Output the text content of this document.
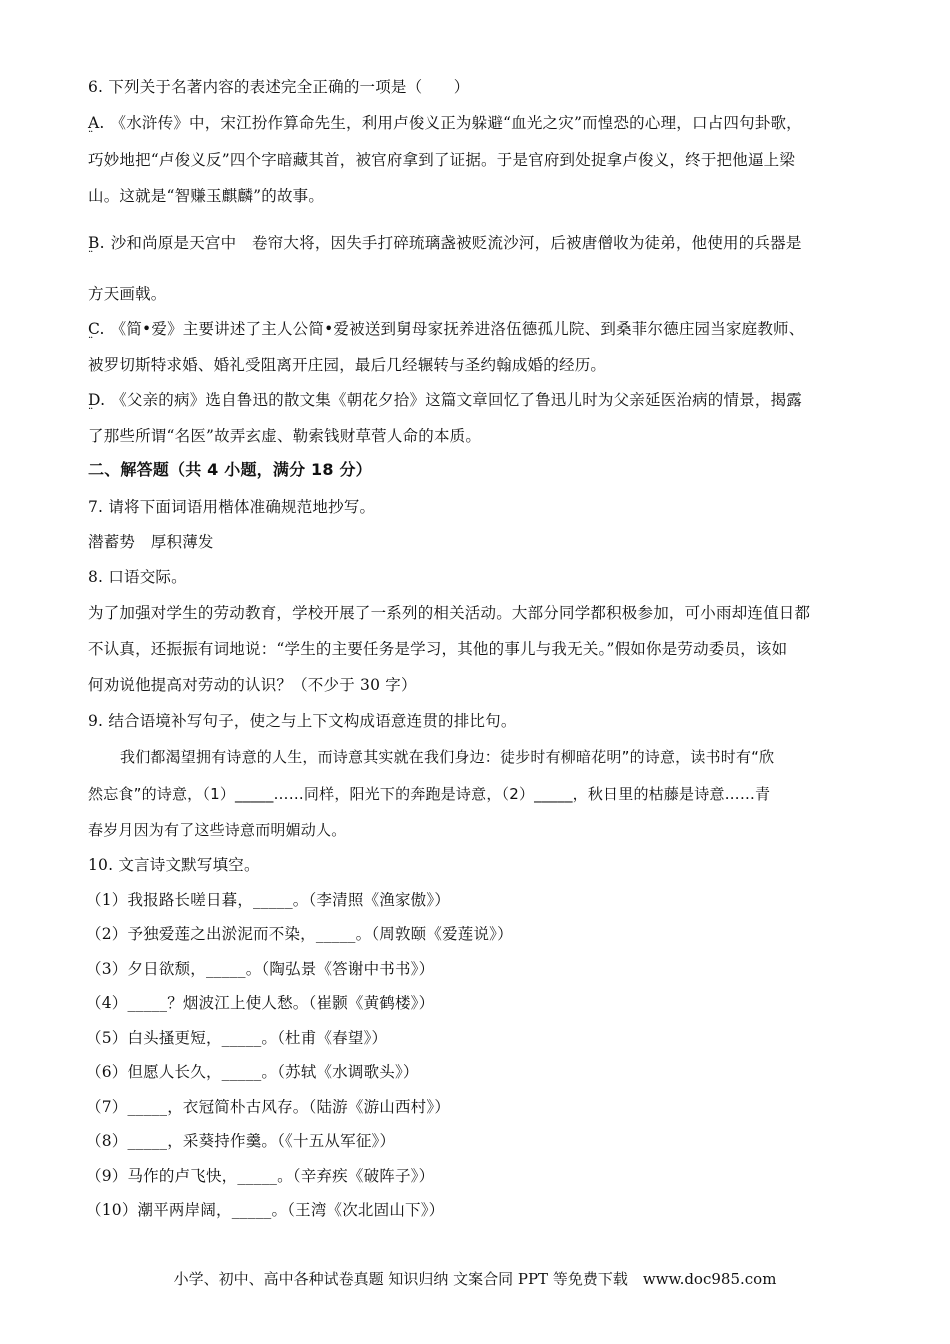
6. 下列关于名著内容的表述完全正确的一项是（　　）
A. ·· 《水浒传》中，宋江扮作算命先生，利用卢俊义正为躲避“血光之灾”而惶恐的心理，口占四句卦歌，
巧妙地把“卢俊义反”四个字暗藏其首，被官府拿到了证据。于是官府到处捉拿卢俊义，终于把他逼上梁
山。这就是“智赚玉麒麟”的故事。
B. ·· 沙和尚原是天宫中　卷帘大将，因失手打碎琉璃盏被贬流沙河，后被唐僧收为徒弟，他使用的兵器是
方天画戟。
C. ·· 《简•爱》主要讲述了主人公简•爱被送到舅母家抚养进洛伍德孤儿院、到桑菲尔德庄园当家庭教师、
被罗切斯特求婚、婚礼受阻离开庄园，最后几经辗转与圣约翰成婚的经历。
D. ·· 《父亲的病》选自鲁迅的散文集《朝花夕拾》这篇文章回忆了鲁迅儿时为父亲延医治病的情景，揭露
了那些所谓“名医”故弄玄虚、勒索钱财草菅人命的本质。
二、解答题（共 4 小题，满分 18 分）
7. 请将下面词语用楷体准确规范地抄写。
潜蓄势　厚积薄发
8. 口语交际。
为了加强对学生的劳动教育，学校开展了一系列的相关活动。大部分同学都积极参加，可小雨却连值日都
不认真，还振振有词地说：“学生的主要任务是学习，其他的事儿与我无关。”假如你是劳动委员，该如
何劝说他提高对劳动的认识？（不少于 30 字）
9. 结合语境补写句子，使之与上下文构成语意连贯的排比句。
我们都渴望拥有诗意的人生，而诗意其实就在我们身边：徒步时有柳暗花明”的诗意，读书时有“欣
然忘食”的诗意，（1）_____……同样，阳光下的奔跑是诗意，（2）_____，秋日里的枯藤是诗意……青
春岁月因为有了这些诗意而明媚动人。
10. 文言诗文默写填空。
（1）我报路长嗟日暮，_____。（李清照《渔家傲》）
（2）予独爱莲之出淤泥而不染，_____。（周敦颐《爱莲说》）
（3）夕日欲颓，_____。（陶弘景《答谢中书书》）
（4）_____？烟波江上使人愁。（崔颢《黄鹤楼》）
（5）白头搔更短，_____。（杜甫《春望》）
（6）但愿人长久，_____。（苏轼《水调歌头》）
（7）_____，衣冠简朴古风存。（陆游《游山西村》）
（8）_____，采葵持作羹。（《十五从军征》）
（9）马作的卢飞快，_____。（辛弃疾《破阵子》）
（10）潮平两岸阔，_____。（王湾《次北固山下》）
小学、初中、高中各种试卷真题 知识归纳 文案合同 PPT 等免费下载　www.doc985.com
